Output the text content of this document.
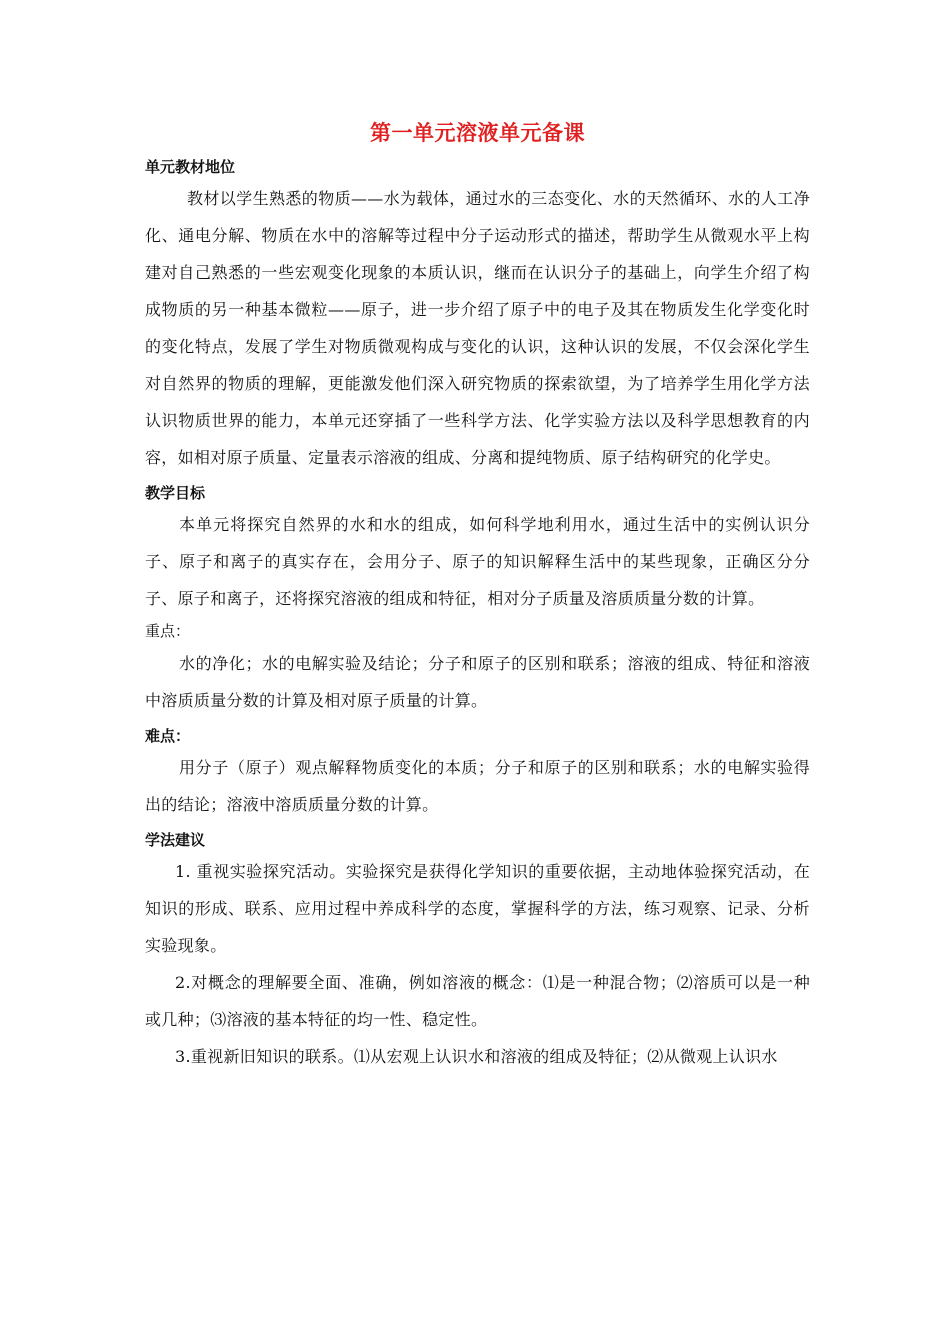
第一单元溶液单元备课
单元教材地位

教材以学生熟悉的物质——水为载体，通过水的三态变化、水的天然循环、水的人工净化、通电分解、物质在水中的溶解等过程中分子运动形式的描述，帮助学生从微观水平上构建对自己熟悉的一些宏观变化现象的本质认识，继而在认识分子的基础上，向学生介绍了构成物质的另一种基本微粒——原子，进一步介绍了原子中的电子及其在物质发生化学变化时的变化特点，发展了学生对物质微观构成与变化的认识，这种认识的发展，不仅会深化学生对自然界的物质的理解，更能激发他们深入研究物质的探索欲望，为了培养学生用化学方法认识物质世界的能力，本单元还穿插了一些科学方法、化学实验方法以及科学思想教育的内容，如相对原子质量、定量表示溶液的组成、分离和提纯物质、原子结构研究的化学史。

教学目标

本单元将探究自然界的水和水的组成，如何科学地利用水，通过生活中的实例认识分子、原子和离子的真实存在，会用分子、原子的知识解释生活中的某些现象，正确区分分子、原子和离子，还将探究溶液的组成和特征，相对分子质量及溶质质量分数的计算。

重点：

水的净化；水的电解实验及结论；分子和原子的区别和联系；溶液的组成、特征和溶液中溶质质量分数的计算及相对原子质量的计算。

难点：

用分子（原子）观点解释物质变化的本质；分子和原子的区别和联系；水的电解实验得出的结论；溶液中溶质质量分数的计算。

学法建议

1. 重视实验探究活动。实验探究是获得化学知识的重要依据，主动地体验探究活动，在知识的形成、联系、应用过程中养成科学的态度，掌握科学的方法，练习观察、记录、分析实验现象。

2.对概念的理解要全面、准确，例如溶液的概念：⑴是一种混合物；⑵溶质可以是一种或几种；⑶溶液的基本特征的均一性、稳定性。

3.重视新旧知识的联系。⑴从宏观上认识水和溶液的组成及特征；⑵从微观上认识水
